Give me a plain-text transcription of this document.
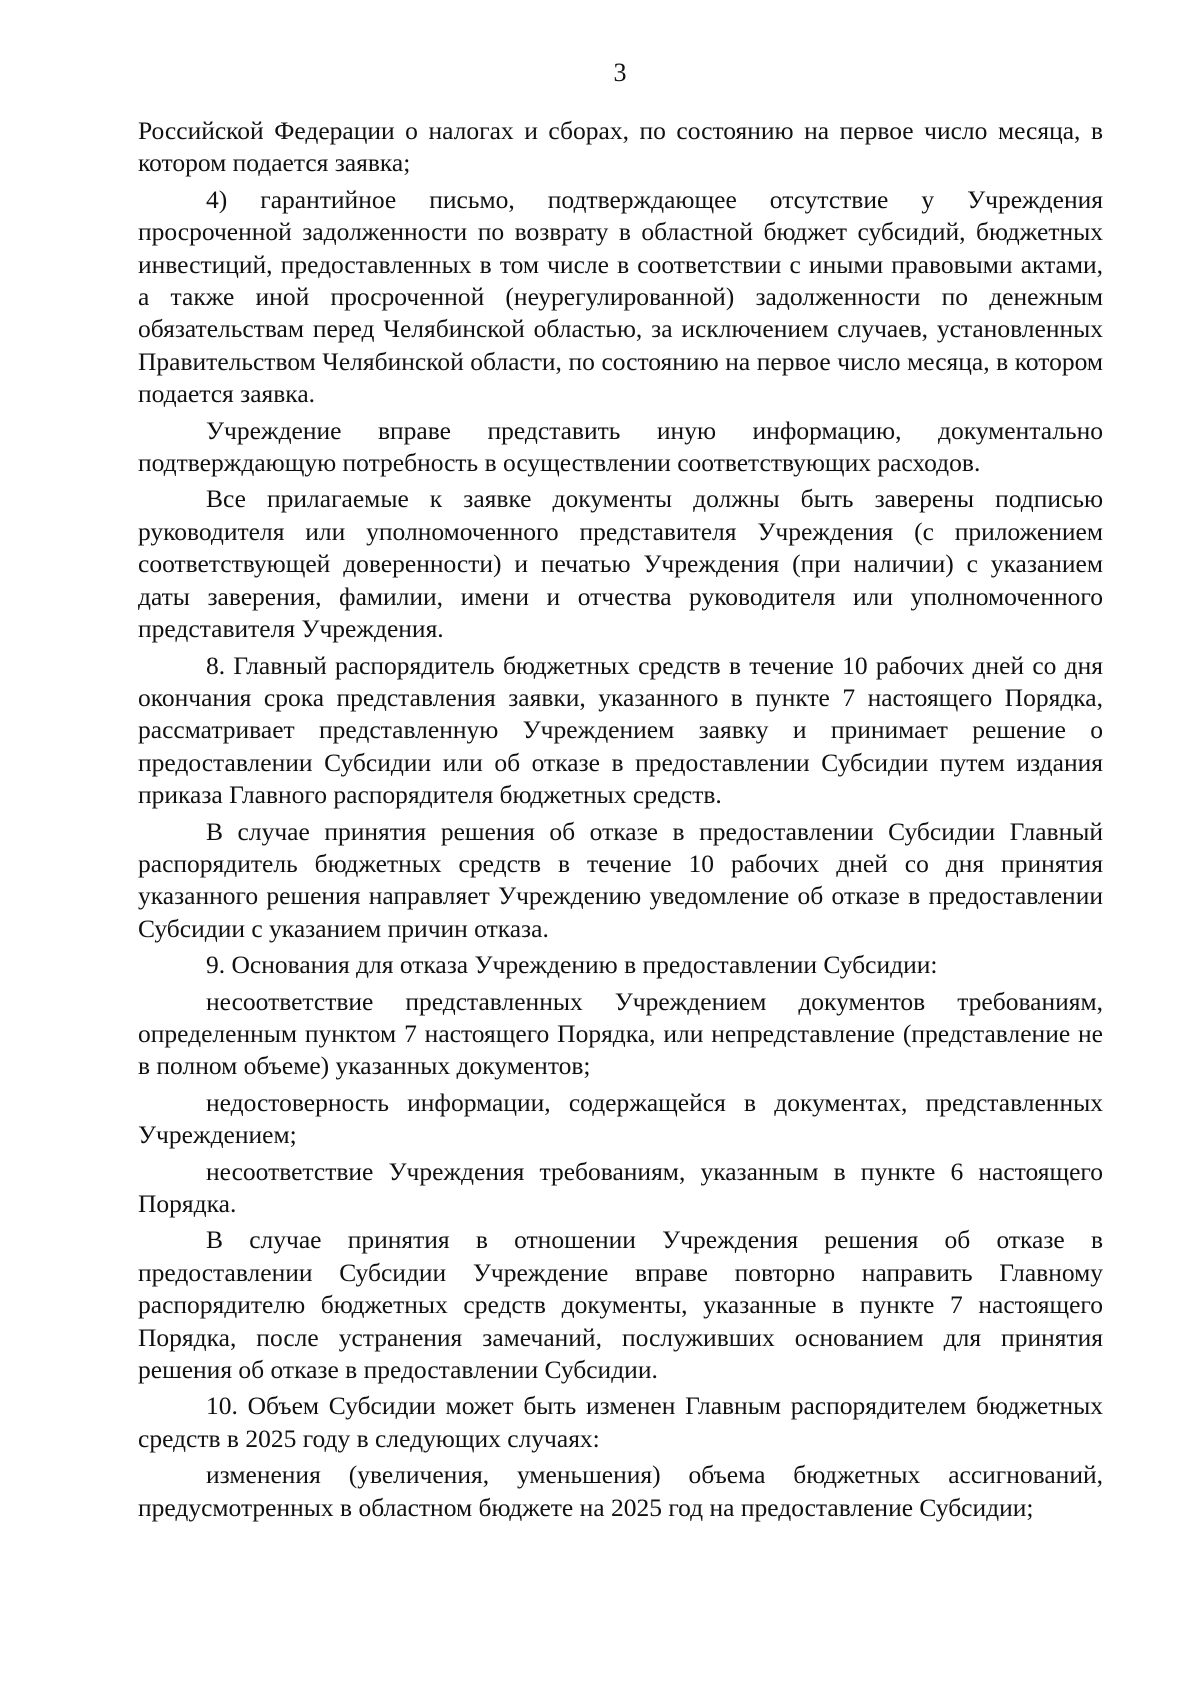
3

Российской Федерации о налогах и сборах, по состоянию на первое число месяца, в котором подается заявка;

4) гарантийное письмо, подтверждающее отсутствие у Учреждения просроченной задолженности по возврату в областной бюджет субсидий, бюджетных инвестиций, предоставленных в том числе в соответствии с иными правовыми актами, а также иной просроченной (неурегулированной) задолженности по денежным обязательствам перед Челябинской областью, за исключением случаев, установленных Правительством Челябинской области, по состоянию на первое число месяца, в котором подается заявка.

Учреждение вправе представить иную информацию, документально подтверждающую потребность в осуществлении соответствующих расходов.

Все прилагаемые к заявке документы должны быть заверены подписью руководителя или уполномоченного представителя Учреждения (с приложением соответствующей доверенности) и печатью Учреждения (при наличии) с указанием даты заверения, фамилии, имени и отчества руководителя или уполномоченного представителя Учреждения.

8. Главный распорядитель бюджетных средств в течение 10 рабочих дней со дня окончания срока представления заявки, указанного в пункте 7 настоящего Порядка, рассматривает представленную Учреждением заявку и принимает решение о предоставлении Субсидии или об отказе в предоставлении Субсидии путем издания приказа Главного распорядителя бюджетных средств.

В случае принятия решения об отказе в предоставлении Субсидии Главный распорядитель бюджетных средств в течение 10 рабочих дней со дня принятия указанного решения направляет Учреждению уведомление об отказе в предоставлении Субсидии с указанием причин отказа.

9. Основания для отказа Учреждению в предоставлении Субсидии:

несоответствие представленных Учреждением документов требованиям, определенным пунктом 7 настоящего Порядка, или непредставление (представление не в полном объеме) указанных документов;

недостоверность информации, содержащейся в документах, представленных Учреждением;

несоответствие Учреждения требованиям, указанным в пункте 6 настоящего Порядка.

В случае принятия в отношении Учреждения решения об отказе в предоставлении Субсидии Учреждение вправе повторно направить Главному распорядителю бюджетных средств документы, указанные в пункте 7 настоящего Порядка, после устранения замечаний, послуживших основанием для принятия решения об отказе в предоставлении Субсидии.

10. Объем Субсидии может быть изменен Главным распорядителем бюджетных средств в 2025 году в следующих случаях:

изменения (увеличения, уменьшения) объема бюджетных ассигнований, предусмотренных в областном бюджете на 2025 год на предоставление Субсидии;
